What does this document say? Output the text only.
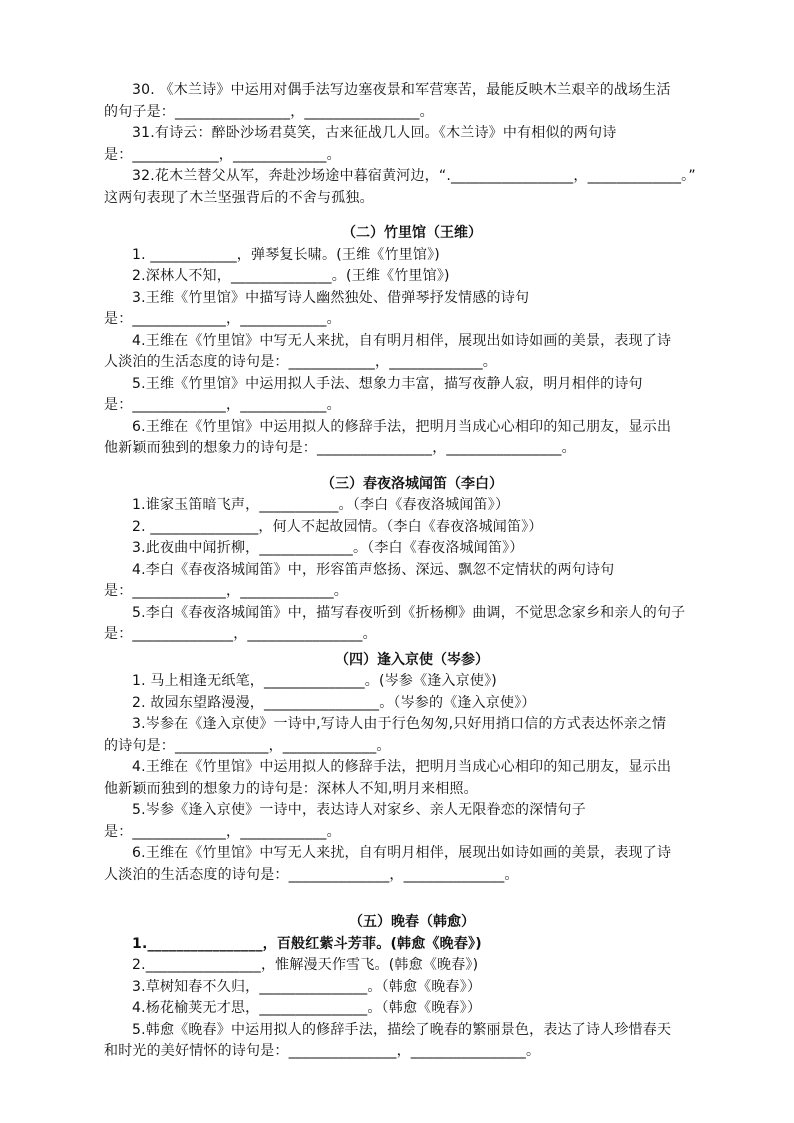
30. 《木兰诗》中运用对偶手法写边塞夜景和军营寒苦，最能反映木兰艰辛的战场生活
的句子是：________________，________________。
31.有诗云：醉卧沙场君莫笑，古来征战几人回。《木兰诗》中有相似的两句诗
是：____________，_____________。
32.花木兰替父从军，奔赴沙场途中暮宿黄河边，“._________________，_____________。”
这两句表现了木兰坚强背后的不舍与孤独。
（二）竹里馆（王维）
1. ____________，弹琴复长啸。(王维《竹里馆》)
2.深林人不知，______________。(王维《竹里馆》)
3.王维《竹里馆》中描写诗人幽然独处、借弹琴抒发情感的诗句
是：_____________，____________。
4.王维在《竹里馆》中写无人来扰，自有明月相伴，展现出如诗如画的美景，表现了诗
人淡泊的生活态度的诗句是：____________，_____________。
5.王维《竹里馆》中运用拟人手法、想象力丰富，描写夜静人寂，明月相伴的诗句
是：_____________，____________。
6.王维在《竹里馆》中运用拟人的修辞手法，把明月当成心心相印的知己朋友，显示出
他新颖而独到的想象力的诗句是：________________，________________。
（三）春夜洛城闻笛（李白）
1.谁家玉笛暗飞声，___________。（李白《春夜洛城闻笛》）
2. _______________，何人不起故园情。（李白《春夜洛城闻笛》）
3.此夜曲中闻折柳，_____________。（李白《春夜洛城闻笛》）
4.李白《春夜洛城闻笛》中，形容笛声悠扬、深远、飘忽不定情状的两句诗句
是：_____________，_____________。
5.李白《春夜洛城闻笛》中，描写春夜听到《折杨柳》曲调，不觉思念家乡和亲人的句子
是：______________，________________。
（四）逢入京使（岑参）
1. 马上相逢无纸笔，______________。(岑参《逢入京使》)
2. 故园东望路漫漫，________________。（岑参的《逢入京使》）
3.岑参在《逢入京使》一诗中,写诗人由于行色匆匆,只好用捎口信的方式表达怀亲之情
的诗句是：_____________，_____________。
4.王维在《竹里馆》中运用拟人的修辞手法，把明月当成心心相印的知己朋友，显示出
他新颖而独到的想象力的诗句是：深林人不知,明月来相照。
5.岑参《逢入京使》一诗中，表达诗人对家乡、亲人无限眷恋的深情句子
是：_____________，____________。
6.王维在《竹里馆》中写无人来扰，自有明月相伴，展现出如诗如画的美景，表现了诗
人淡泊的生活态度的诗句是：______________，______________。
（五）晚春（韩愈）
1.________________，百般红紫斗芳菲。(韩愈《晚春》)
2.________________，惟解漫天作雪飞。(韩愈《晚春》)
3.草树知春不久归，_______________。（韩愈《晚春》）
4.杨花榆荚无才思，_______________。（韩愈《晚春》）
5.韩愈《晚春》中运用拟人的修辞手法，描绘了晚春的繁丽景色，表达了诗人珍惜春天
和时光的美好情怀的诗句是：_______________，________________。
